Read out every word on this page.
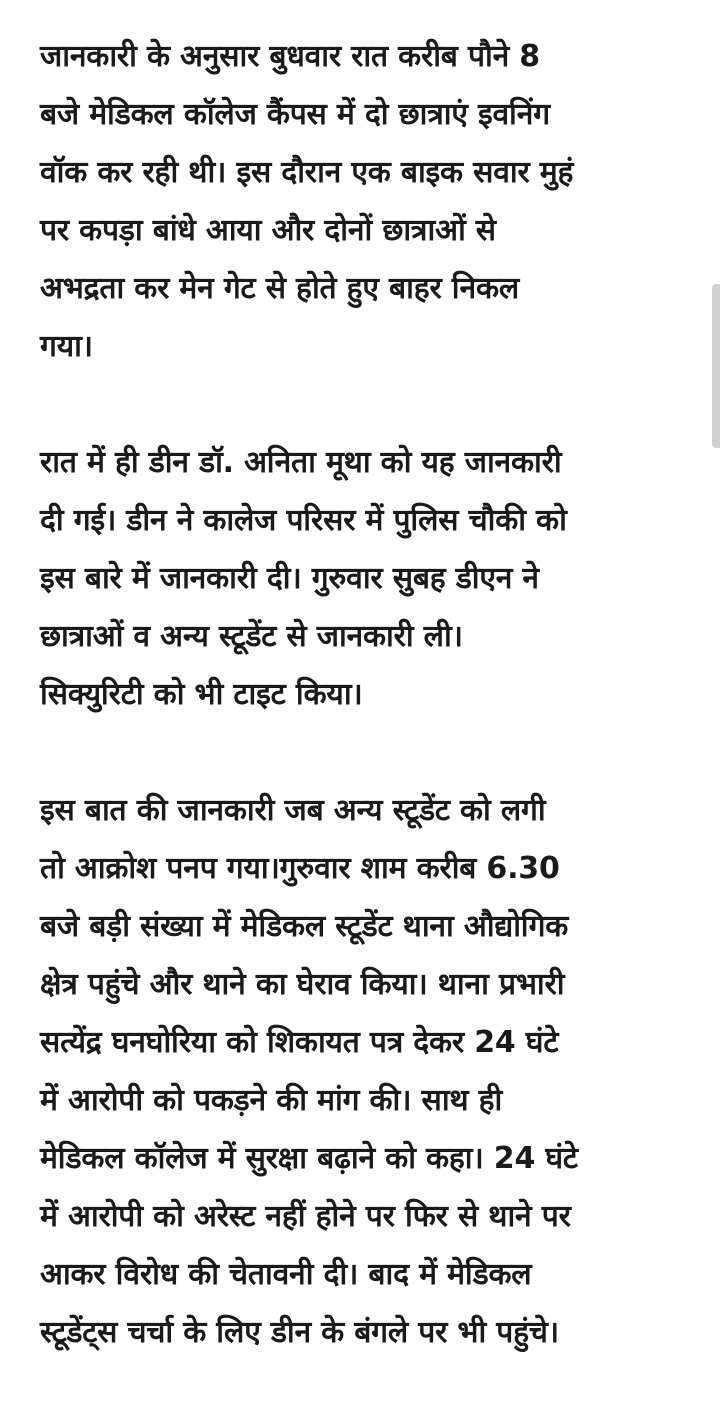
जानकारी के अनुसार बुधवार रात करीब पौने 8
बजे मेडिकल कॉलेज कैंपस में दो छात्राएं इवनिंग
वॉक कर रही थी। इस दौरान एक बाइक सवार मुहं
पर कपड़ा बांधे आया और दोनों छात्राओं से
अभद्रता कर मेन गेट से होते हुए बाहर निकल
गया।

रात में ही डीन डॉ. अनिता मूथा को यह जानकारी
दी गई। डीन ने कालेज परिसर में पुलिस चौकी को
इस बारे में जानकारी दी। गुरुवार सुबह डीएन ने
छात्राओं व अन्य स्टूडेंट से जानकारी ली।
सिक्युरिटी को भी टाइट किया।

इस बात की जानकारी जब अन्य स्टूडेंट को लगी
तो आक्रोश पनप गया।गुरुवार शाम करीब 6.30
बजे बड़ी संख्या में मेडिकल स्टूडेंट थाना औद्योगिक
क्षेत्र पहुंचे और थाने का घेराव किया। थाना प्रभारी
सत्येंद्र घनघोरिया को शिकायत पत्र देकर 24 घंटे
में आरोपी को पकड़ने की मांग की। साथ ही
मेडिकल कॉलेज में सुरक्षा बढ़ाने को कहा। 24 घंटे
में आरोपी को अरेस्ट नहीं होने पर फिर से थाने पर
आकर विरोध की चेतावनी दी। बाद में मेडिकल
स्टूडेंट्स चर्चा के लिए डीन के बंगले पर भी पहुंचे।
